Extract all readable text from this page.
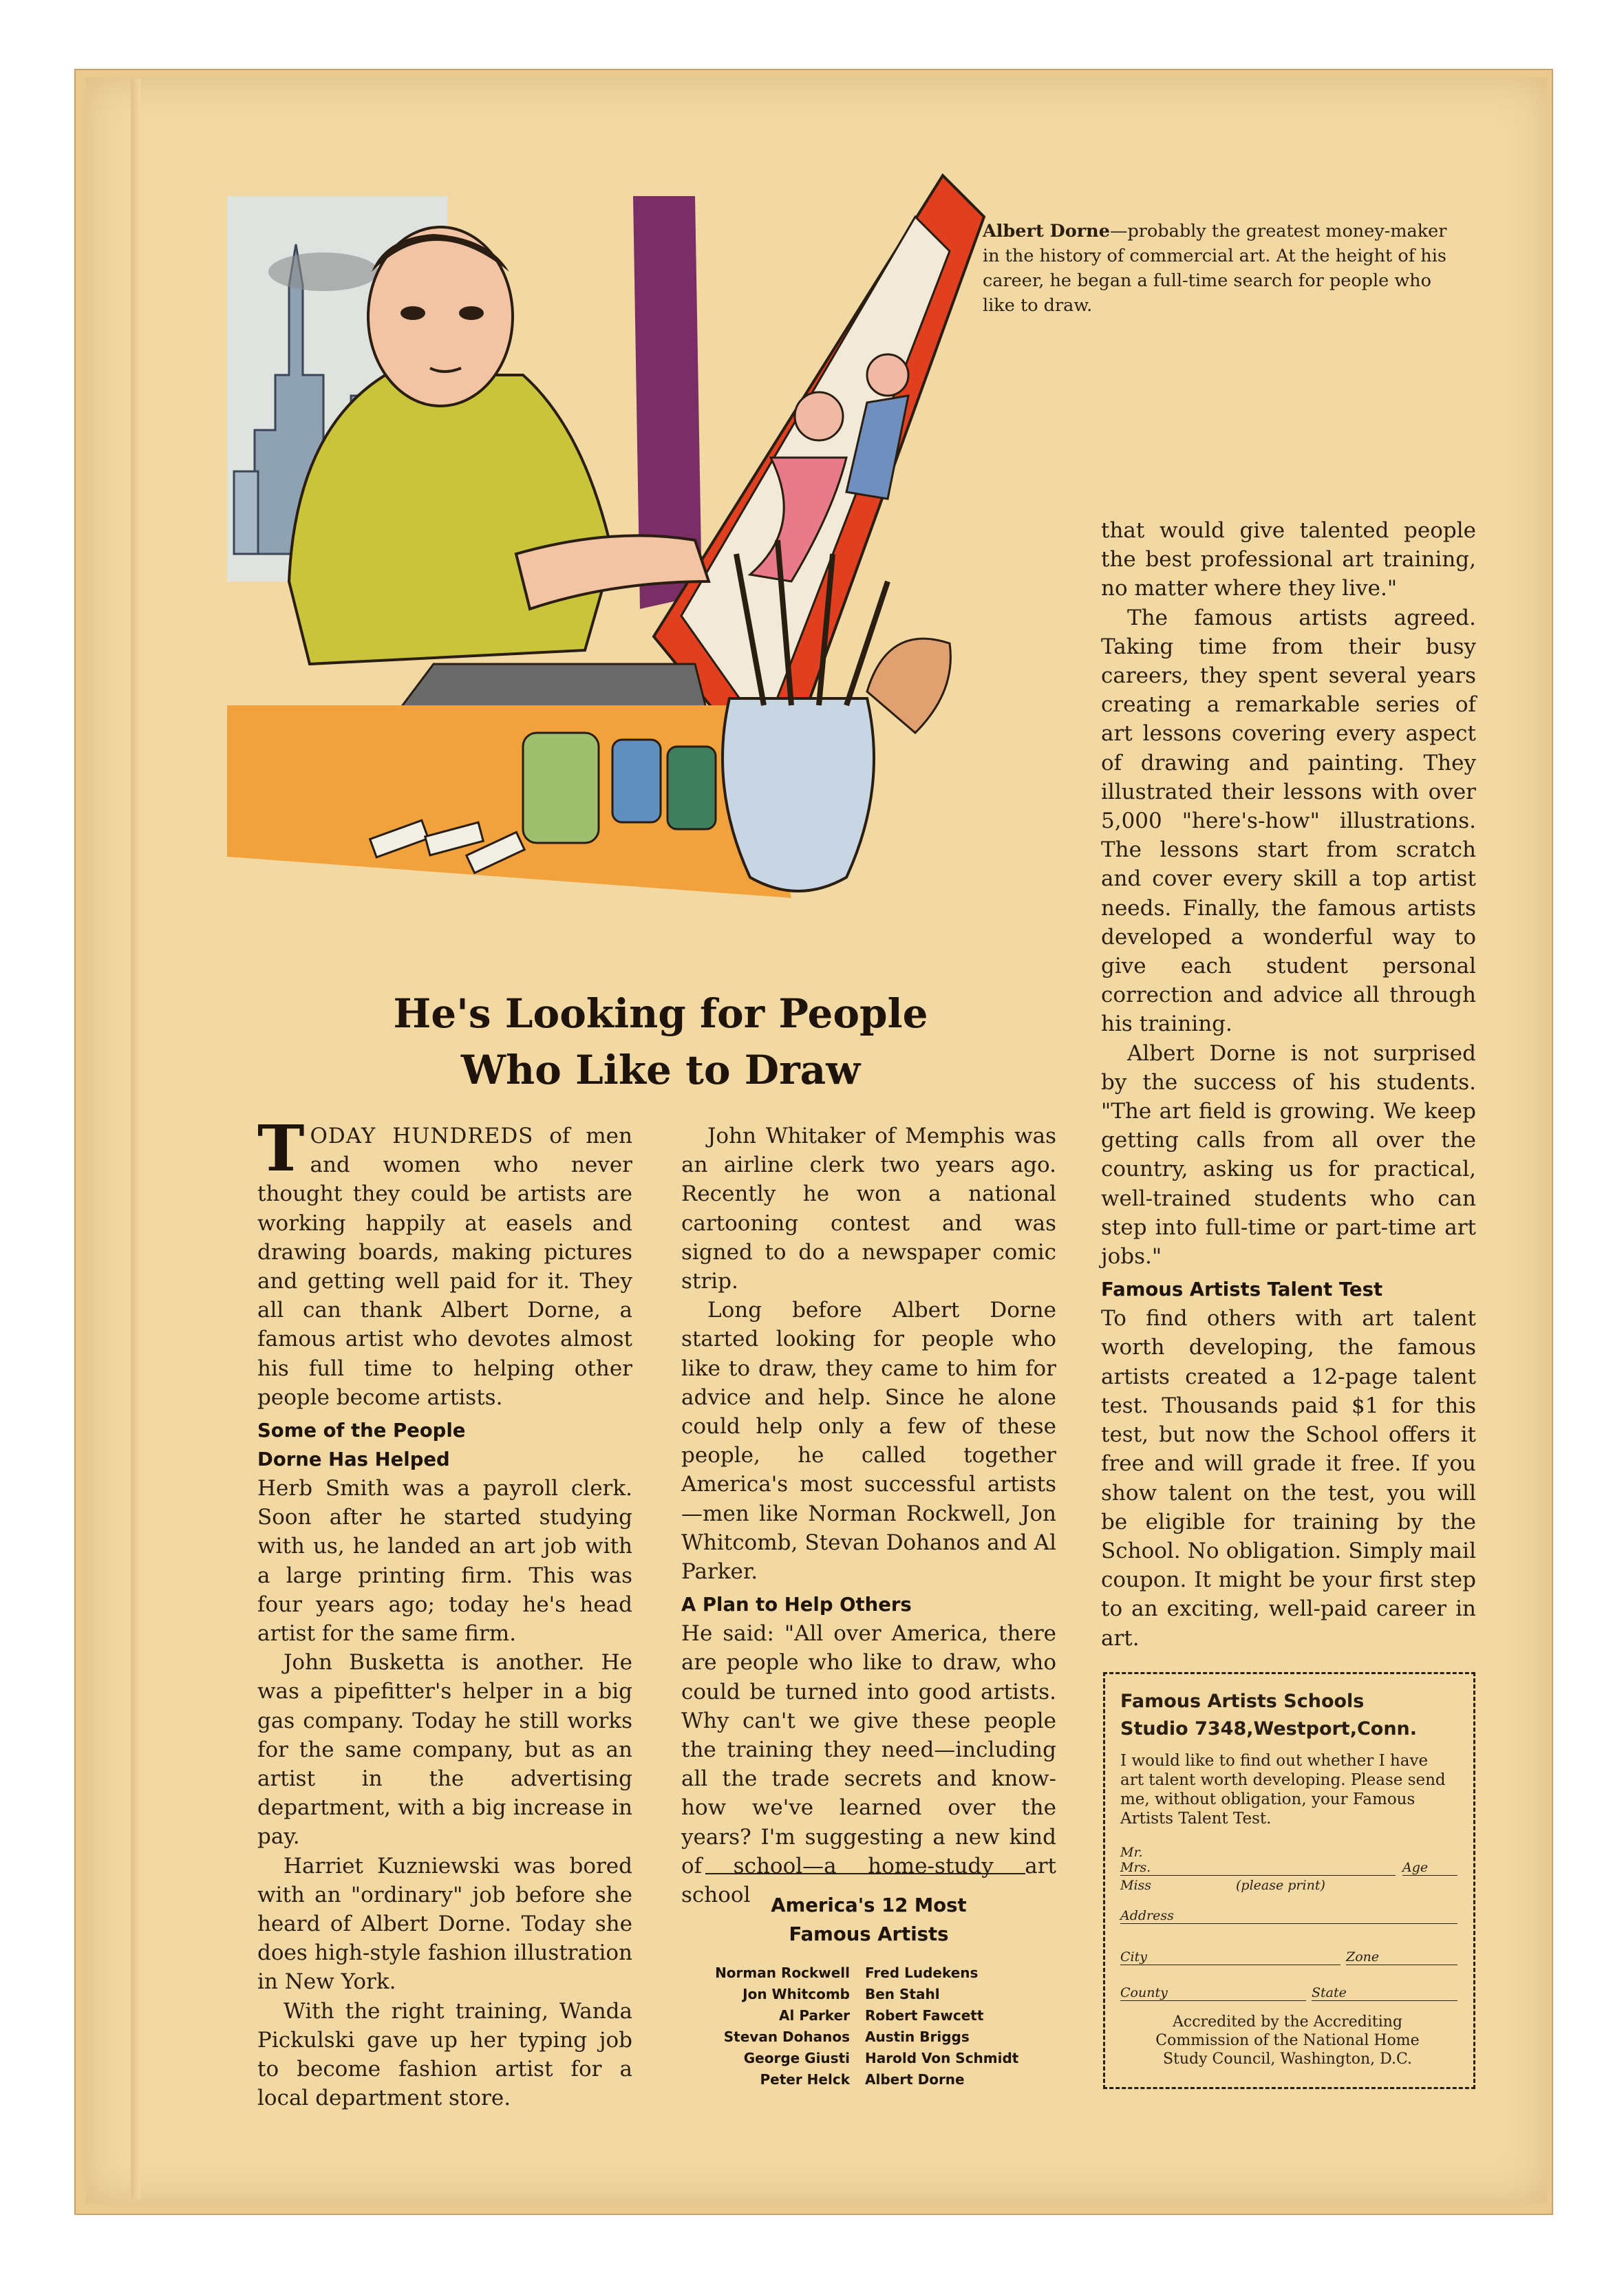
Albert Dorne—probably the greatest money-maker in the history of commercial art. At the height of his career, he began a full-time search for people who like to draw.
He's Looking for People
Who Like to Draw

TODAY HUNDREDS of men and women who never thought they could be artists are working happily at easels and drawing boards, making pictures and getting well paid for it. They all can thank Albert Dorne, a famous artist who devotes almost his full time to helping other people become artists.

Some of the People
Dorne Has Helped

Herb Smith was a payroll clerk. Soon after he started studying with us, he landed an art job with a large printing firm. This was four years ago; today he's head artist for the same firm.

John Busketta is another. He was a pipefitter's helper in a big gas company. Today he still works for the same company, but as an artist in the advertising department, with a big increase in pay.

Harriet Kuzniewski was bored with an "ordinary" job before she heard of Albert Dorne. Today she does high-style fashion illustration in New York.

With the right training, Wanda Pickulski gave up her typing job to become fashion artist for a local department store.

John Whitaker of Memphis was an airline clerk two years ago. Recently he won a national cartooning contest and was signed to do a newspaper comic strip.

Long before Albert Dorne started looking for people who like to draw, they came to him for advice and help. Since he alone could help only a few of these people, he called together America's most successful artists—men like Norman Rockwell, Jon Whitcomb, Stevan Dohanos and Al Parker.

A Plan to Help Others

He said: "All over America, there are people who like to draw, who could be turned into good artists. Why can't we give these people the training they need—including all the trade secrets and know-how we've learned over the years? I'm suggesting a new kind of school—a home-study art school

that would give talented people the best professional art training, no matter where they live."

The famous artists agreed. Taking time from their busy careers, they spent several years creating a remarkable series of art lessons covering every aspect of drawing and painting. They illustrated their lessons with over 5,000 "here's-how" illustrations. The lessons start from scratch and cover every skill a top artist needs. Finally, the famous artists developed a wonderful way to give each student personal correction and advice all through his training.

Albert Dorne is not surprised by the success of his students. "The art field is growing. We keep getting calls from all over the country, asking us for practical, well-trained students who can step into full-time or part-time art jobs."

Famous Artists Talent Test

To find others with art talent worth developing, the famous artists created a 12-page talent test. Thousands paid $1 for this test, but now the School offers it free and will grade it free. If you show talent on the test, you will be eligible for training by the School. No obligation. Simply mail coupon. It might be your first step to an exciting, well-paid career in art.

America's 12 Most
Famous Artists
Norman Rockwell	Fred Ludekens
Jon Whitcomb	Ben Stahl
Al Parker	Robert Fawcett
Stevan Dohanos	Austin Briggs
George Giusti	Harold Von Schmidt
Peter Helck	Albert Dorne
Famous Artists Schools
Studio 7348,Westport,Conn.
I would like to find out whether I have art talent worth developing. Please send me, without obligation, your Famous Artists Talent Test.
Mr.
Mrs.	Age
Miss	(please print)
Address
City	Zone
County	State
Accredited by the Accrediting Commission of the National Home Study Council, Washington, D.C.
